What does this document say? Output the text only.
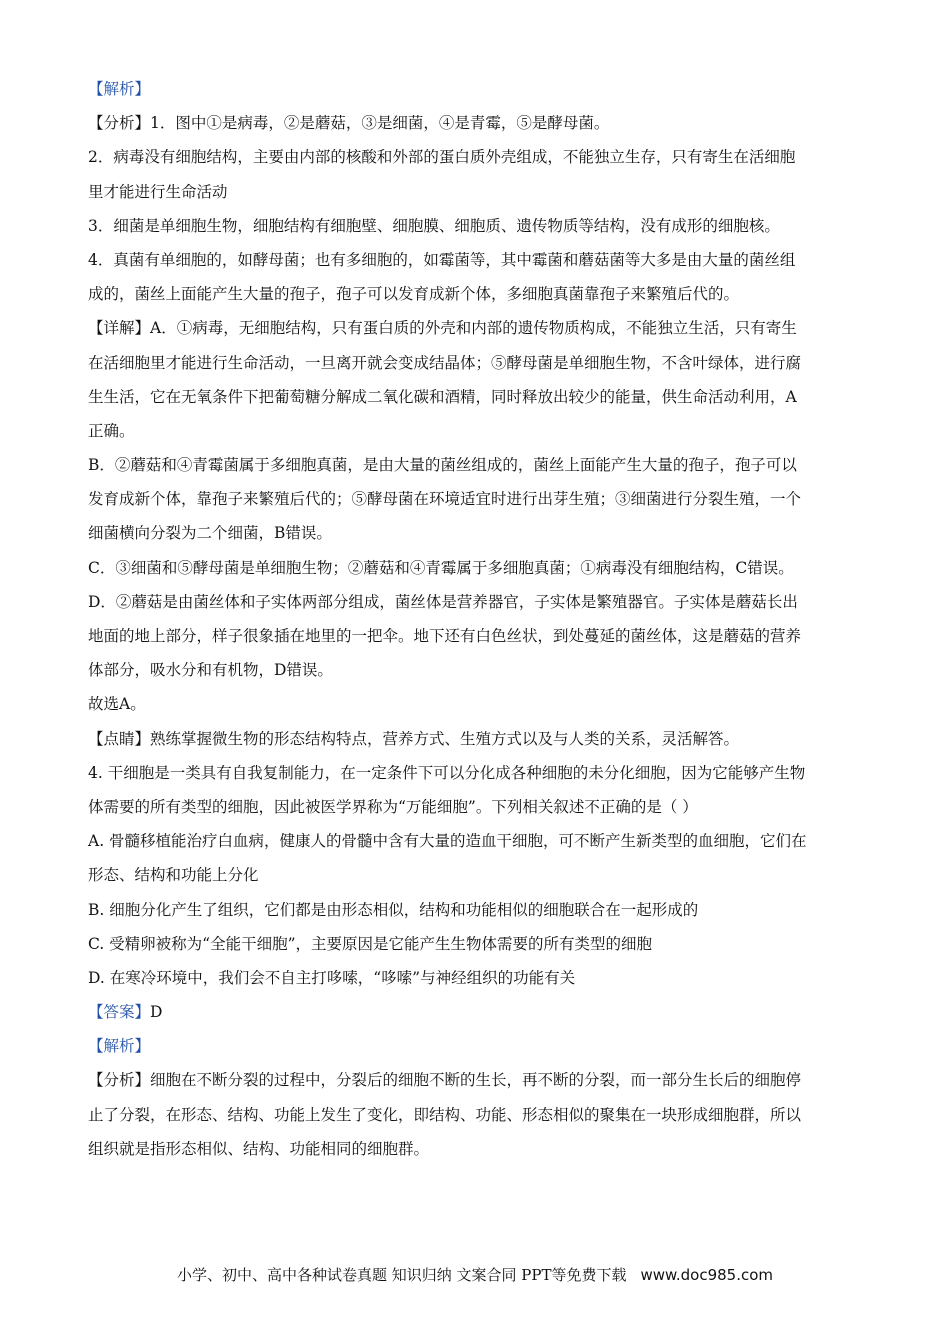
【解析】
【分析】1．图中①是病毒，②是蘑菇，③是细菌，④是青霉，⑤是酵母菌。
2．病毒没有细胞结构，主要由内部的核酸和外部的蛋白质外壳组成，不能独立生存，只有寄生在活细胞
里才能进行生命活动
3．细菌是单细胞生物，细胞结构有细胞壁、细胞膜、细胞质、遗传物质等结构，没有成形的细胞核。
4．真菌有单细胞的，如酵母菌；也有多细胞的，如霉菌等，其中霉菌和蘑菇菌等大多是由大量的菌丝组
成的，菌丝上面能产生大量的孢子，孢子可以发育成新个体，多细胞真菌靠孢子来繁殖后代的。
【详解】A．①病毒，无细胞结构，只有蛋白质的外壳和内部的遗传物质构成，不能独立生活，只有寄生
在活细胞里才能进行生命活动，一旦离开就会变成结晶体；⑤酵母菌是单细胞生物，不含叶绿体，进行腐
生生活，它在无氧条件下把葡萄糖分解成二氧化碳和酒精，同时释放出较少的能量，供生命活动利用，A
正确。
B．②蘑菇和④青霉菌属于多细胞真菌，是由大量的菌丝组成的，菌丝上面能产生大量的孢子，孢子可以
发育成新个体，靠孢子来繁殖后代的；⑤酵母菌在环境适宜时进行出芽生殖；③细菌进行分裂生殖，一个
细菌横向分裂为二个细菌，B错误。
C．③细菌和⑤酵母菌是单细胞生物；②蘑菇和④青霉属于多细胞真菌；①病毒没有细胞结构，C错误。
D．②蘑菇是由菌丝体和子实体两部分组成，菌丝体是营养器官，子实体是繁殖器官。子实体是蘑菇长出
地面的地上部分，样子很象插在地里的一把伞。地下还有白色丝状，到处蔓延的菌丝体，这是蘑菇的营养
体部分，吸水分和有机物，D错误。
故选A。
【点睛】熟练掌握微生物的形态结构特点，营养方式、生殖方式以及与人类的关系，灵活解答。
4. 干细胞是一类具有自我复制能力，在一定条件下可以分化成各种细胞的未分化细胞，因为它能够产生物
体需要的所有类型的细胞，因此被医学界称为“万能细胞”。下列相关叙述不正确的是（ ）
A. 骨髓移植能治疗白血病，健康人的骨髓中含有大量的造血干细胞，可不断产生新类型的血细胞，它们在
形态、结构和功能上分化
B. 细胞分化产生了组织，它们都是由形态相似，结构和功能相似的细胞联合在一起形成的
C. 受精卵被称为“全能干细胞”，主要原因是它能产生生物体需要的所有类型的细胞
D. 在寒冷环境中，我们会不自主打哆嗦，“哆嗦”与神经组织的功能有关
【答案】D
【解析】
【分析】细胞在不断分裂的过程中，分裂后的细胞不断的生长，再不断的分裂，而一部分生长后的细胞停
止了分裂，在形态、结构、功能上发生了变化，即结构、功能、形态相似的聚集在一块形成细胞群，所以
组织就是指形态相似、结构、功能相同的细胞群。
小学、初中、高中各种试卷真题 知识归纳 文案合同 PPT等免费下载 www.doc985.com
